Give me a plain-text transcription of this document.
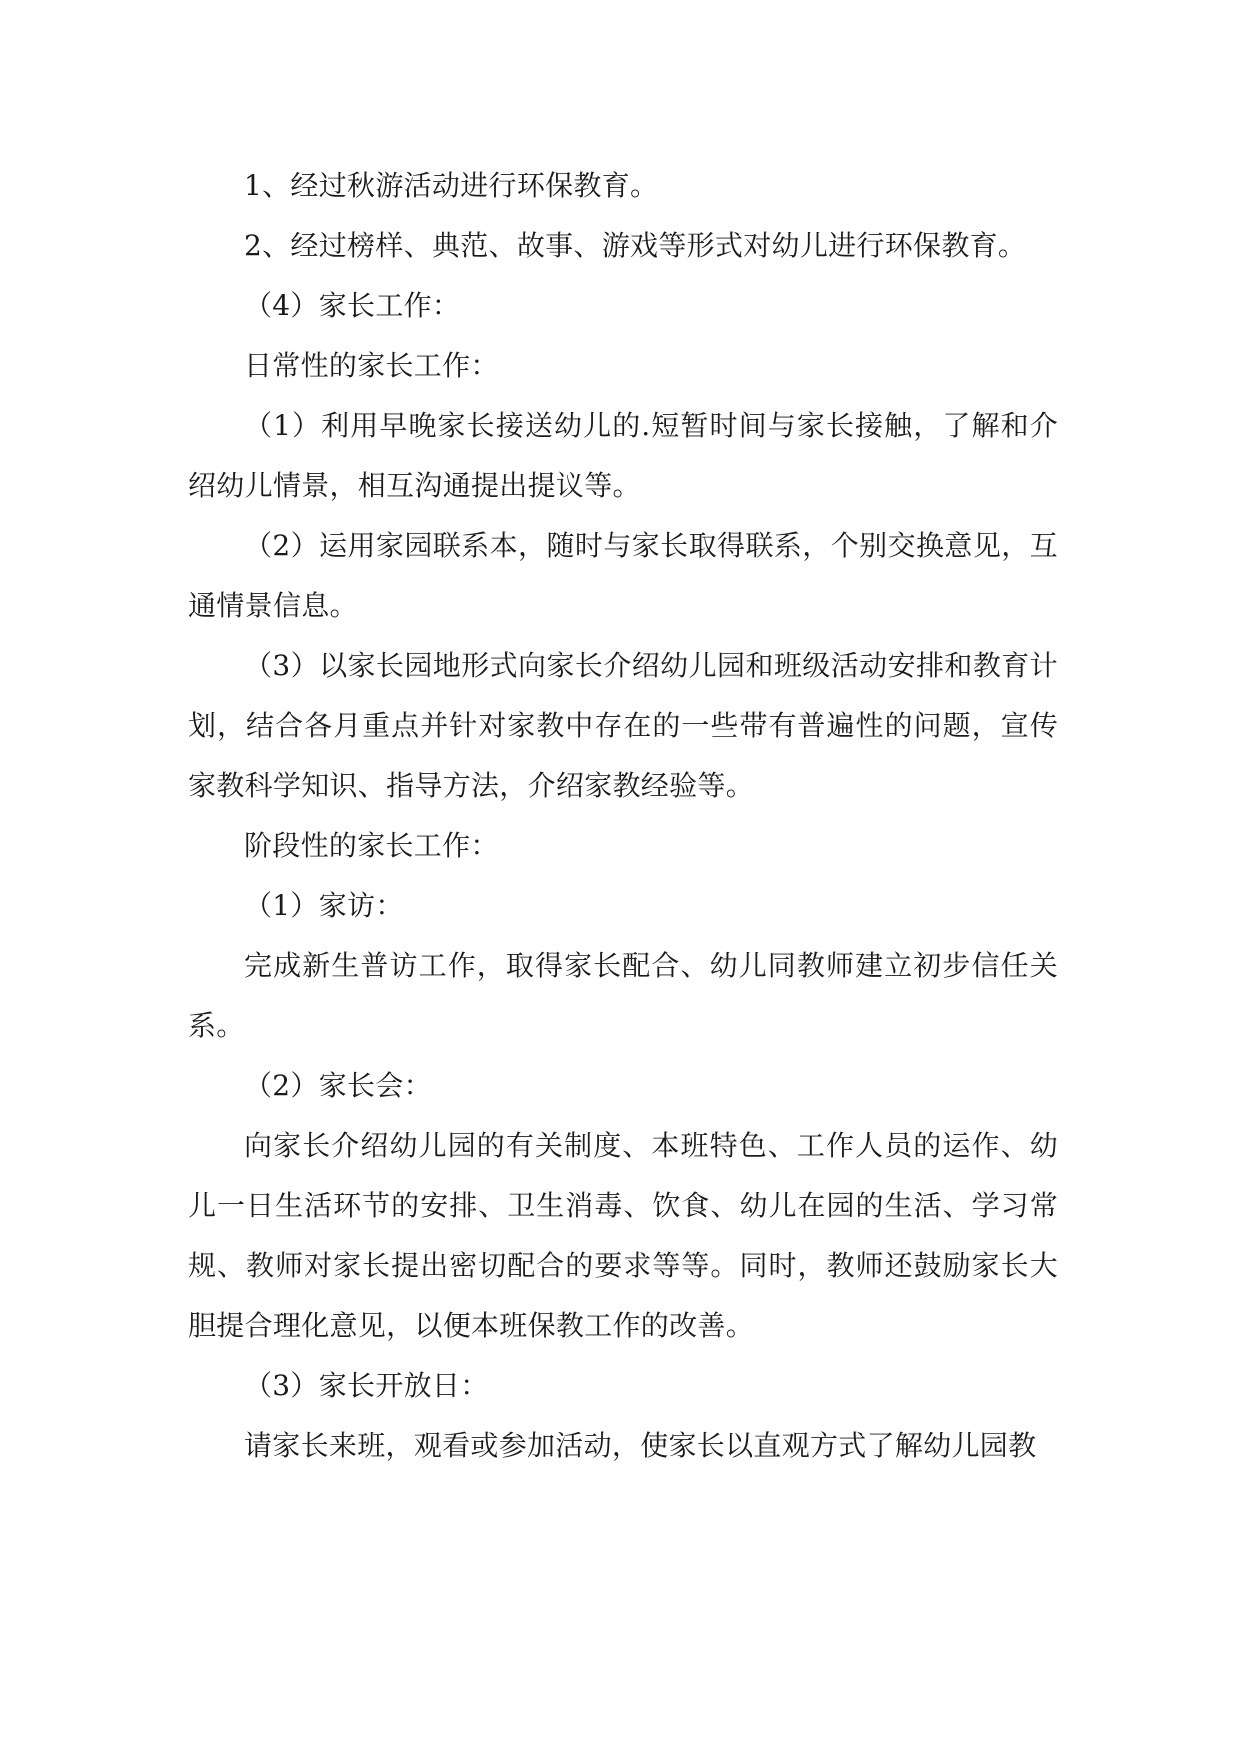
1、经过秋游活动进行环保教育。

2、经过榜样、典范、故事、游戏等形式对幼儿进行环保教育。

（4）家长工作：

日常性的家长工作：

（1）利用早晚家长接送幼儿的.短暂时间与家长接触，了解和介绍幼儿情景，相互沟通提出提议等。

（2）运用家园联系本，随时与家长取得联系，个别交换意见，互通情景信息。

（3）以家长园地形式向家长介绍幼儿园和班级活动安排和教育计划，结合各月重点并针对家教中存在的一些带有普遍性的问题，宣传家教科学知识、指导方法，介绍家教经验等。

阶段性的家长工作：

（1）家访：

完成新生普访工作，取得家长配合、幼儿同教师建立初步信任关系。

（2）家长会：

向家长介绍幼儿园的有关制度、本班特色、工作人员的运作、幼儿一日生活环节的安排、卫生消毒、饮食、幼儿在园的生活、学习常规、教师对家长提出密切配合的要求等等。同时，教师还鼓励家长大胆提合理化意见，以便本班保教工作的改善。

（3）家长开放日：

请家长来班，观看或参加活动，使家长以直观方式了解幼儿园教
